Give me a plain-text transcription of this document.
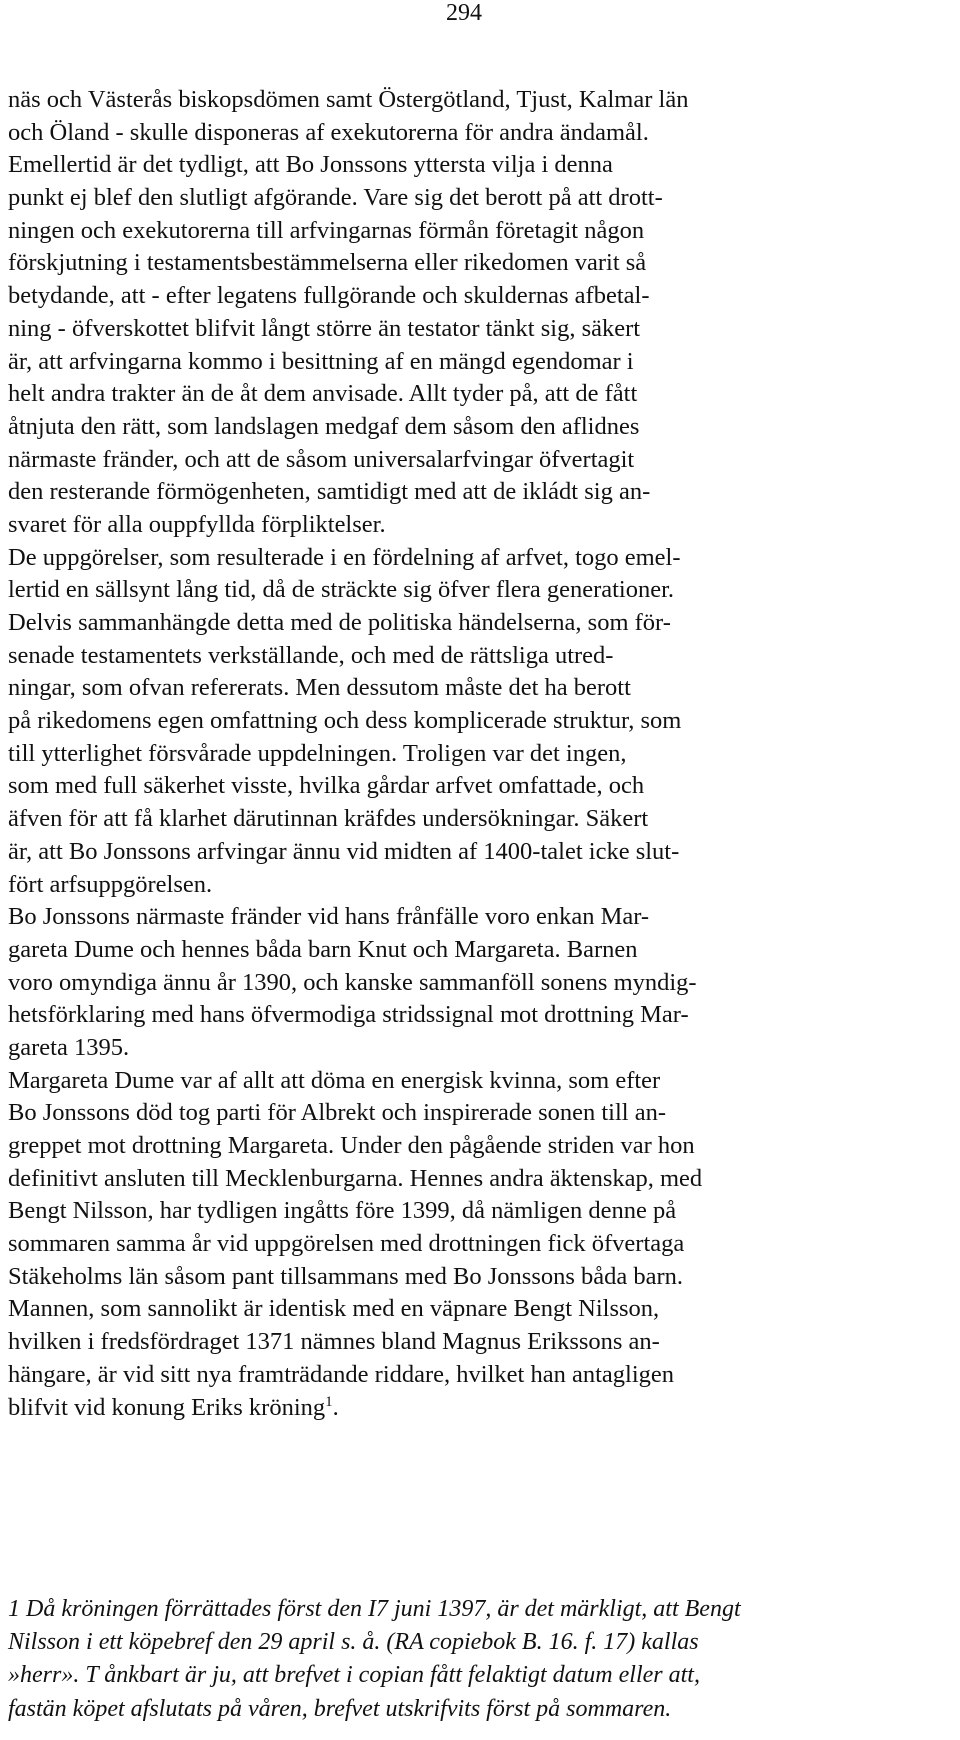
294
näs och Västerås biskopsdömen samt Östergötland, Tjust, Kalmar län
och Öland - skulle disponeras af exekutorerna för andra ändamål.
Emellertid är det tydligt, att Bo Jonssons yttersta vilja i denna
punkt ej blef den slutligt afgörande. Vare sig det berott på att drott-
ningen och exekutorerna till arfvingarnas förmån företagit någon
förskjutning i testamentsbestämmelserna eller rikedomen varit så
betydande, att - efter legatens fullgörande och skuldernas afbetal-
ning - öfverskottet blifvit långt större än testator tänkt sig, säkert
är, att arfvingarna kommo i besittning af en mängd egendomar i
helt andra trakter än de åt dem anvisade. Allt tyder på, att de fått
åtnjuta den rätt, som landslagen medgaf dem såsom den aflidnes
närmaste fränder, och att de såsom universalarfvingar öfvertagit
den resterande förmögenheten, samtidigt med att de ikládt sig an-
svaret för alla ouppfyllda förpliktelser.
De uppgörelser, som resulterade i en fördelning af arfvet, togo emel-
lertid en sällsynt lång tid, då de sträckte sig öfver flera generationer.
Delvis sammanhängde detta med de politiska händelserna, som för-
senade testamentets verkställande, och med de rättsliga utred-
ningar, som ofvan refererats. Men dessutom måste det ha berott
på rikedomens egen omfattning och dess komplicerade struktur, som
till ytterlighet försvårade uppdelningen. Troligen var det ingen,
som med full säkerhet visste, hvilka gårdar arfvet omfattade, och
äfven för att få klarhet därutinnan kräfdes undersökningar. Säkert
är, att Bo Jonssons arfvingar ännu vid midten af 1400-talet icke slut-
fört arfsuppgörelsen.
Bo Jonssons närmaste fränder vid hans frånfälle voro enkan Mar-
gareta Dume och hennes båda barn Knut och Margareta. Barnen
voro omyndiga ännu år 1390, och kanske sammanföll sonens myndig-
hetsförklaring med hans öfvermodiga stridssignal mot drottning Mar-
gareta 1395.
Margareta Dume var af allt att döma en energisk kvinna, som efter
Bo Jonssons död tog parti för Albrekt och inspirerade sonen till an-
greppet mot drottning Margareta. Under den pågående striden var hon
definitivt ansluten till Mecklenburgarna. Hennes andra äktenskap, med
Bengt Nilsson, har tydligen ingåtts före 1399, då nämligen denne på
sommaren samma år vid uppgörelsen med drottningen fick öfvertaga
Stäkeholms län såsom pant tillsammans med Bo Jonssons båda barn.
Mannen, som sannolikt är identisk med en väpnare Bengt Nilsson,
hvilken i fredsfördraget 1371 nämnes bland Magnus Erikssons an-
hängare, är vid sitt nya framträdande riddare, hvilket han antagligen
blifvit vid konung Eriks kröning$^1$.
1 Då kröningen förrättades först den I7 juni 1397, är det märkligt, att Bengt
Nilsson i ett köpebref den 29 april s. å. (RA copiebok B. 16. f. 17) kallas
»herr». T ånkbart är ju, att brefvet i copian fått felaktigt datum eller att,
fastän köpet afslutats på våren, brefvet utskrifvits först på sommaren.
